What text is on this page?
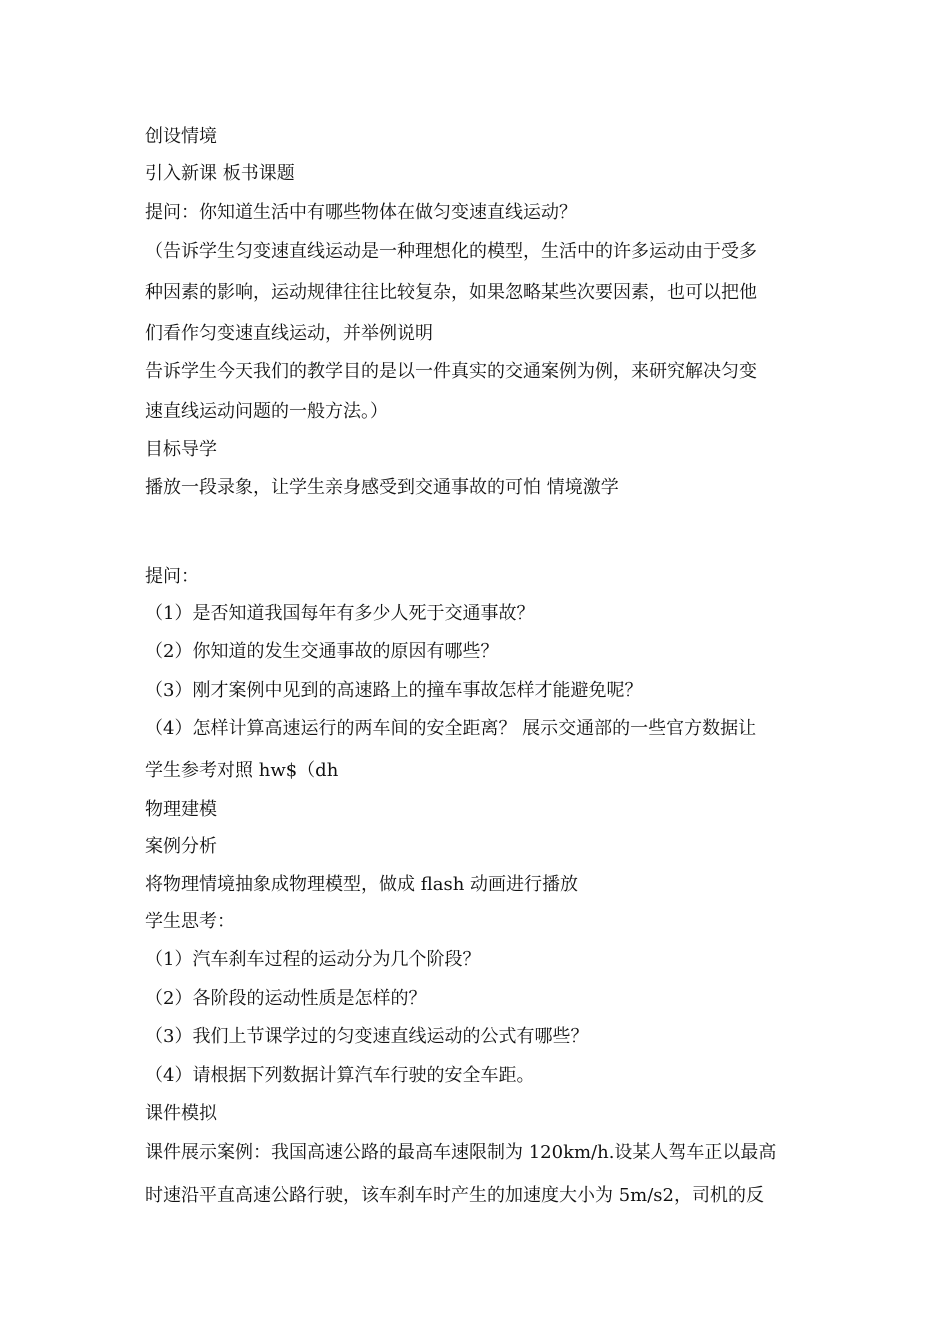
创设情境
引入新课 板书课题
提问：你知道生活中有哪些物体在做匀变速直线运动？
（告诉学生匀变速直线运动是一种理想化的模型，生活中的许多运动由于受多
种因素的影响，运动规律往往比较复杂，如果忽略某些次要因素，也可以把他
们看作匀变速直线运动，并举例说明
告诉学生今天我们的教学目的是以一件真实的交通案例为例，来研究解决匀变
速直线运动问题的一般方法。）
目标导学
播放一段录象，让学生亲身感受到交通事故的可怕 情境激学
提问：
（1）是否知道我国每年有多少人死于交通事故？
（2）你知道的发生交通事故的原因有哪些？
（3）刚才案例中见到的高速路上的撞车事故怎样才能避免呢？
（4）怎样计算高速运行的两车间的安全距离？ 展示交通部的一些官方数据让
学生参考对照 hw$（dh
物理建模
案例分析
将物理情境抽象成物理模型，做成 flash 动画进行播放
学生思考：
（1）汽车刹车过程的运动分为几个阶段？
（2）各阶段的运动性质是怎样的？
（3）我们上节课学过的匀变速直线运动的公式有哪些？
（4）请根据下列数据计算汽车行驶的安全车距。
课件模拟
课件展示案例：我国高速公路的最高车速限制为 120km/h.设某人驾车正以最高
时速沿平直高速公路行驶，该车刹车时产生的加速度大小为 5m/s2，司机的反
